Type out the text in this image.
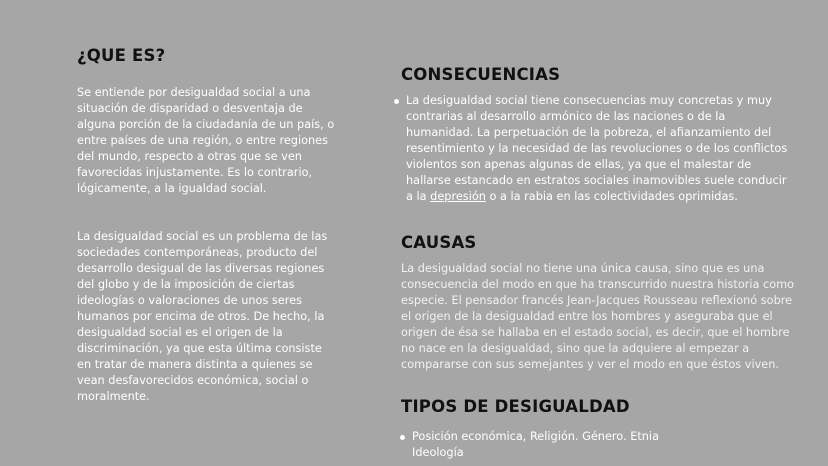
¿QUE ES?

Se entiende por desigualdad social a una situación de disparidad o desventaja de alguna porción de la ciudadanía de un país, o entre países de una región, o entre regiones del mundo, respecto a otras que se ven favorecidas injustamente. Es lo contrario, lógicamente, a la igualdad social.

La desigualdad social es un problema de las sociedades contemporáneas, producto del desarrollo desigual de las diversas regiones del globo y de la imposición de ciertas ideologías o valoraciones de unos seres humanos por encima de otros. De hecho, la desigualdad social es el origen de la discriminación, ya que esta última consiste en tratar de manera distinta a quienes se vean desfavorecidos económica, social o moralmente.

CONSECUENCIAS
La desigualdad social tiene consecuencias muy concretas y muy contrarias al desarrollo armónico de las naciones o de la humanidad. La perpetuación de la pobreza, el afianzamiento del resentimiento y la necesidad de las revoluciones o de los conflictos violentos son apenas algunas de ellas, ya que el malestar de hallarse estancado en estratos sociales inamovibles suele conducir a la depresión o a la rabia en las colectividades oprimidas.
CAUSAS

La desigualdad social no tiene una única causa, sino que es una consecuencia del modo en que ha transcurrido nuestra historia como especie. El pensador francés Jean-Jacques Rousseau reflexionó sobre el origen de la desigualdad entre los hombres y aseguraba que el origen de ésa se hallaba en el estado social, es decir, que el hombre no nace en la desigualdad, sino que la adquiere al empezar a compararse con sus semejantes y ver el modo en que éstos viven.

TIPOS DE DESIGUALDAD
Posición económica, Religión. Género. Etnia
Ideología
